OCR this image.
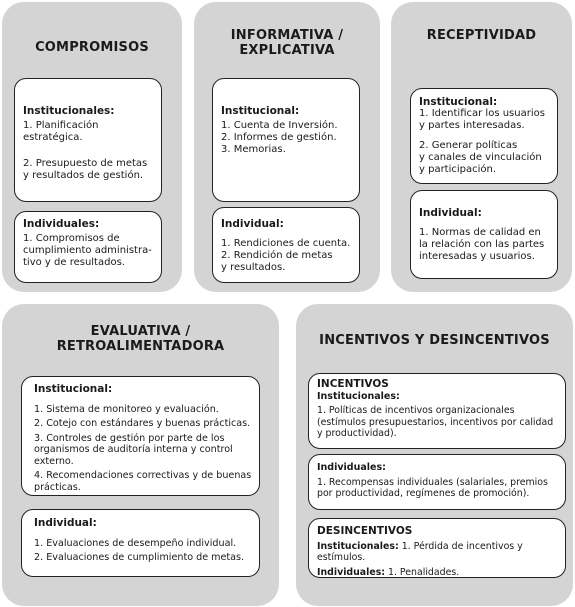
COMPROMISOS
Institucionales:
1. Planificación estratégica.
2. Presupuesto de metas
y resultados de gestión.
Individuales:
1. Compromisos de
cumplimiento administra-
tivo y de resultados.
INFORMATIVA /
EXPLICATIVA
Institucional:
1. Cuenta de Inversión.
2. Informes de gestión.
3. Memorias.
Individual:
1. Rendiciones de cuenta.
2. Rendición de metas
y resultados.
RECEPTIVIDAD
Institucional:
1. Identificar los usuarios
y partes interesadas.
2. Generar políticas
y canales de vinculación
y participación.
Individual:
1. Normas de calidad en
la relación con las partes
interesadas y usuarios.
EVALUATIVA /
RETROALIMENTADORA
Institucional:
1. Sistema de monitoreo y evaluación.
2. Cotejo con estándares y buenas prácticas.
3. Controles de gestión por parte de los
organismos de auditoría interna y control
externo.
4. Recomendaciones correctivas y de buenas
prácticas.
Individual:
1. Evaluaciones de desempeño individual.
2. Evaluaciones de cumplimiento de metas.
INCENTIVOS Y DESINCENTIVOS
INCENTIVOS
Institucionales:
1. Políticas de incentivos organizacionales
(estímulos presupuestarios, incentivos por calidad
y productividad).
Individuales:
1. Recompensas individuales (salariales, premios
por productividad, regímenes de promoción).
DESINCENTIVOS
Institucionales: 1. Pérdida de incentivos y estímulos.
Individuales: 1. Penalidades.
